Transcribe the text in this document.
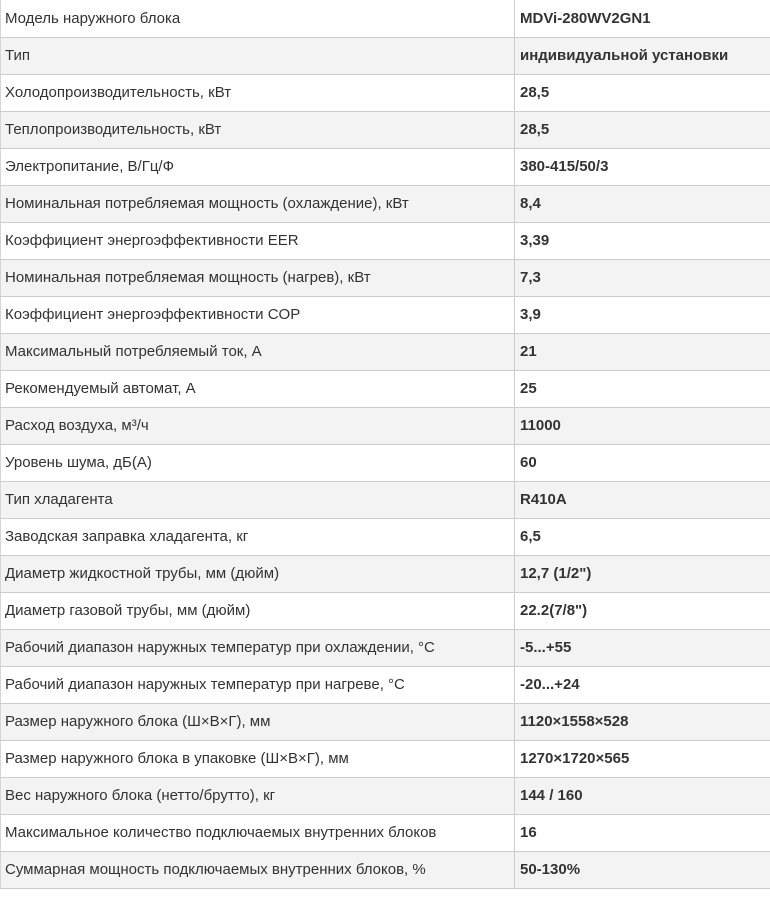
Модель наружного блока	MDVi-280WV2GN1
Тип	индивидуальной установки
Холодопроизводительность, кВт	28,5
Теплопроизводительность, кВт	28,5
Электропитание, В/Гц/Ф	380-415/50/3
Номинальная потребляемая мощность (охлаждение), кВт	8,4
Коэффициент энергоэффективности EER	3,39
Номинальная потребляемая мощность (нагрев), кВт	7,3
Коэффициент энергоэффективности COP	3,9
Максимальный потребляемый ток, А	21
Рекомендуемый автомат, А	25
Расход воздуха, м³/ч	11000
Уровень шума, дБ(А)	60
Тип хладагента	R410A
Заводская заправка хладагента, кг	6,5
Диаметр жидкостной трубы, мм (дюйм)	12,7 (1/2")
Диаметр газовой трубы, мм (дюйм)	22.2(7/8")
Рабочий диапазон наружных температур при охлаждении, °С	-5...+55
Рабочий диапазон наружных температур при нагреве, °С	-20...+24
Размер наружного блока (Ш×В×Г), мм	1120×1558×528
Размер наружного блока в упаковке (Ш×В×Г), мм	1270×1720×565
Вес наружного блока (нетто/брутто), кг	144 / 160
Максимальное количество подключаемых внутренних блоков	16
Суммарная мощность подключаемых внутренних блоков, %	50-130%
